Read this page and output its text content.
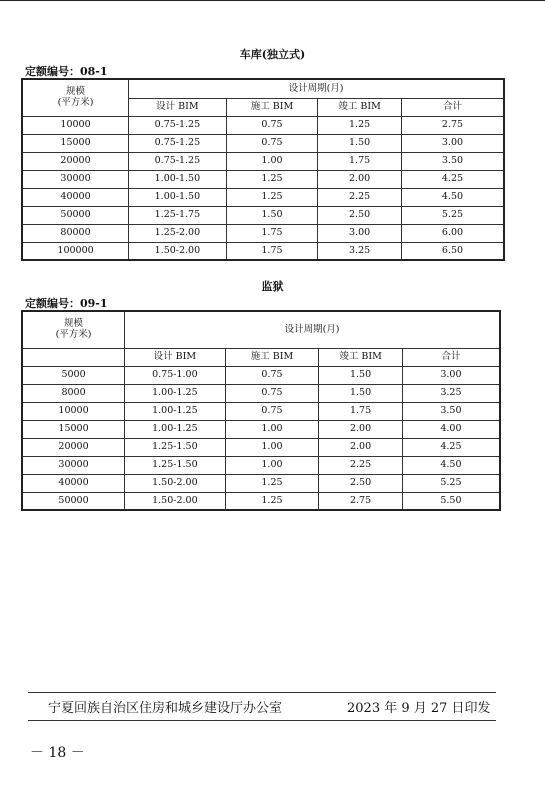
车库(独立式)
定额编号：08-1
规模
(平方米)	设计周期(月)			
	设计 BIM	施工 BIM	竣工 BIM	合计
10000	0.75-1.25	0.75	1.25	2.75
15000	0.75-1.25	0.75	1.50	3.00
20000	0.75-1.25	1.00	1.75	3.50
30000	1.00-1.50	1.25	2.00	4.25
40000	1.00-1.50	1.25	2.25	4.50
50000	1.25-1.75	1.50	2.50	5.25
80000	1.25-2.00	1.75	3.00	6.00
100000	1.50-2.00	1.75	3.25	6.50
监狱
定额编号：09-1
规模
(平方米)	设计周期(月)			
	设计 BIM	施工 BIM	竣工 BIM	合计
5000	0.75-1.00	0.75	1.50	3.00
8000	1.00-1.25	0.75	1.50	3.25
10000	1.00-1.25	0.75	1.75	3.50
15000	1.00-1.25	1.00	2.00	4.00
20000	1.25-1.50	1.00	2.00	4.25
30000	1.25-1.50	1.00	2.25	4.50
40000	1.50-2.00	1.25	2.50	5.25
50000	1.50-2.00	1.25	2.75	5.50
宁夏回族自治区住房和城乡建设厅办公室	2023 年 9 月 27 日印发
－ 18 －
